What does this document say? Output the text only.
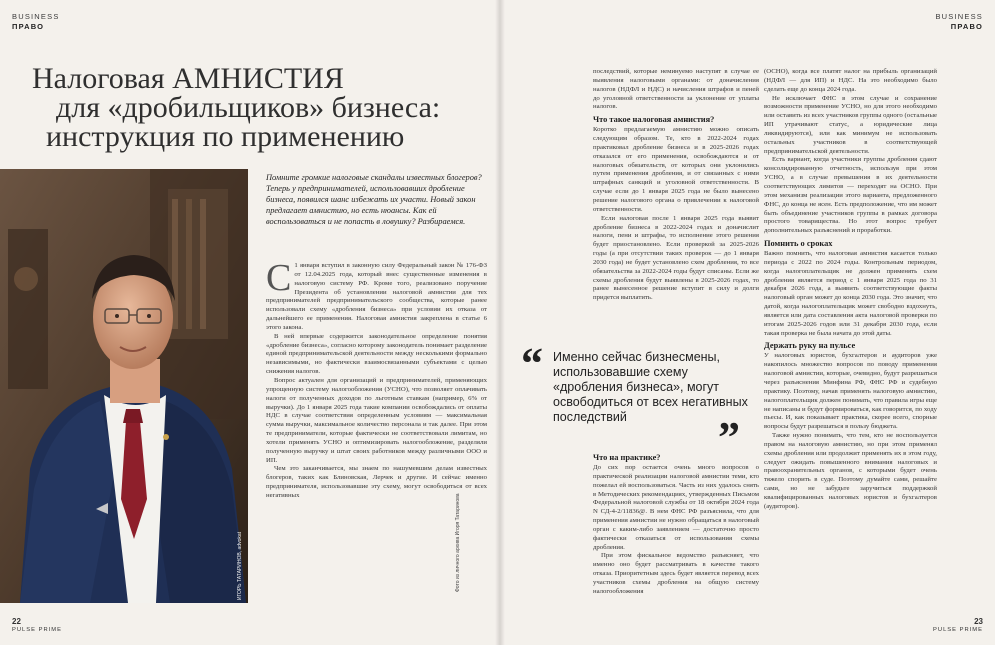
BUSINESS
ПРАВО
BUSINESS
ПРАВО
Налоговая АМНИСТИЯ
для «дробильщиков» бизнеса:
инструкция по применению
ИГОРЬ ТАТАРИНОВ, advokat	Фото из личного архива Игоря Татаринова
Помните громкие налоговые скандалы известных блогеров? Теперь у предпринимателей, использовавших дробление бизнеса, появился шанс избежать их участи. Новый закон предлагает амнистию, но есть нюансы. Как ей воспользоваться и не попасть в ловушку? Разбираемся.

С 1 января вступил в законную силу Федеральный закон № 176-ФЗ от 12.04.2025 года, который внес существенные изменения в налоговую систему РФ. Кроме того, реализовано поручение Президента об установлении налоговой амнистии для тех предпринимателей предпринимательского сообщества, которые ранее использовали схему «дробления бизнеса» при условии их отказа от дальнейшего ее применения. Налоговая амнистия закреплена в статье 6 этого закона.

В ней впервые содержится законодательное определение понятия «дробление бизнеса», согласно которому законодатель понимает разделение единой предпринимательской деятельности между несколькими формально независимыми, но фактически взаимосвязанными субъектами с целью снижения налогов.

Вопрос актуален для организаций и предпринимателей, применяющих упрощенную систему налогообложения (УСНО), что позволяет оплачивать налоги от полученных доходов по льготным ставкам (например, 6% от выручки). До 1 января 2025 года такие компании освобождались от оплаты НДС в случае соответствия определенным условиям — максимальная сумма выручки, максимальное количество персонала и так далее. При этом те предприниматели, которые фактически не соответствовали лимитам, но хотели применять УСНО и оптимизировать налогообложение, разделяли полученную выручку и штат своих работников между различными ООО и ИП.

Чем это заканчивается, мы знаем по нашумевшим делам известных блогеров, таких как Блиновская, Лерчек и другие. И сейчас именно предпринимателя, использовавшие эту схему, могут освободиться от всех негативных

последствий, которые неминуемо наступят в случае ее выявления налоговыми органами: от доначисления налогов (НДФЛ и НДС) и начисления штрафов и пеней до уголовной ответственности за уклонение от уплаты налогов.

Что такое налоговая амнистия?

Коротко предлагаемую амнистию можно описать следующим образом. Те, кто в 2022-2024 годах практиковал дробление бизнеса и в 2025-2026 годах отказался от его применения, освобождаются и от налоговых обязательств, от которых они уклонились путем применения дробления, и от связанных с ними штрафных санкций и уголовной ответственности. В случае если до 1 января 2025 года не было вынесено решение налогового органа о привлечении к налоговой ответственности.

Если налоговая после 1 января 2025 года выявит дробление бизнеса в 2022-2024 годах и доначислит налоги, пени и штрафы, то исполнение этого решения будет приостановлено. Если проверкой за 2025-2026 годы (а при отсутствии таких проверок — до 1 января 2030 года) не будет установлено схем дробления, то все обязательства за 2022-2024 годы будут списаны. Если же схемы дробления будут выявлены в 2025-2026 годах, то ранее вынесенное решение вступит в силу и долги придется выплатить.

“ Именно сейчас бизнесмены, использовавшие схему «дробления бизнеса», могут освободиться от всех негативных последствий	”
Что на практике?

До сих пор остается очень много вопросов о практической реализации налоговой амнистии теми, кто пожелал ей воспользоваться. Часть из них удалось снять в Методических рекомендациях, утвержденных Письмом Федеральной налоговой службы от 18 октября 2024 года N СД-4-2/11836@. В нем ФНС РФ разъяснила, что для применения амнистии не нужно обращаться в налоговый орган с каким-либо заявлением — достаточно просто фактически отказаться от использования схемы дробления.

При этом фискальное ведомство разъясняет, что именно оно будет рассматривать в качестве такого отказа. Приоритетным здесь будет является перевод всех участников схемы дробления на общую систему налогообложения

(ОСНО), когда все платят налог на прибыль организаций (НДФЛ — для ИП) и НДС. На это необходимо было сделать еще до конца 2024 года.

Не исключает ФНС в этом случае и сохранение возможности применение УСНО, но для этого необходимо или оставить из всех участников группы одного (остальные ИП утрачивают статус, а юридические лица ликвидируются), или как минимум не использовать остальных участников в соответствующей предпринимательской деятельности.

Есть вариант, когда участники группы дробления сдают консолидированную отчетность, используя при этом УСНО, а в случае превышения в их деятельности соответствующих лимитов — переходят на ОСНО. При этом механизм реализации этого варианта, предложенного ФНС, до конца не ясен. Есть предположение, что им может быть объединение участников группы в рамках договора простого товарищества. Но этот вопрос требует дополнительных разъяснений и проработки.

Помнить о сроках

Важно помнить, что налоговая амнистия касается только периода с 2022 по 2024 годы. Контрольным периодом, когда налогоплательщик не должен применять схем дробления является период с 1 января 2025 года по 31 декабря 2026 года, а выявить соответствующие факты налоговый орган может до конца 2030 года. Это значит, что датой, когда налогоплательщик может свободно вздохнуть, является или дата составления акта налоговой проверки по итогам 2025-2026 годов или 31 декабря 2030 года, если такая проверка не была начата до этой даты.

Держать руку на пульсе

У налоговых юристов, бухгалтеров и аудиторов уже накопилось множество вопросов по поводу применения налоговой амнистии, которые, очевидно, будут разрешаться через разъяснения Минфина РФ, ФНС РФ и судебную практику. Поэтому, начав применять налоговую амнистию, налогоплательщик должен понимать, что правила игры еще не написаны и будут формироваться, как говорится, по ходу пьесы. И, как показывает практика, скорее всего, спорные вопросы будут разрешаться в пользу бюджета.

Также нужно понимать, что тем, кто не воспользуется правом на налоговую амнистию, но при этом применял схемы дробления или продолжит применять их в этом году, следует ожидать повышенного внимания налоговых и правоохранительных органов, с которыми будет очень тяжело спорить в суде. Поэтому думайте сами, решайте сами, но не забудьте заручиться поддержкой квалифицированных налоговых юристов и бухгалтеров (аудиторов).

22
PULSE PRIME
23
PULSE PRIME
